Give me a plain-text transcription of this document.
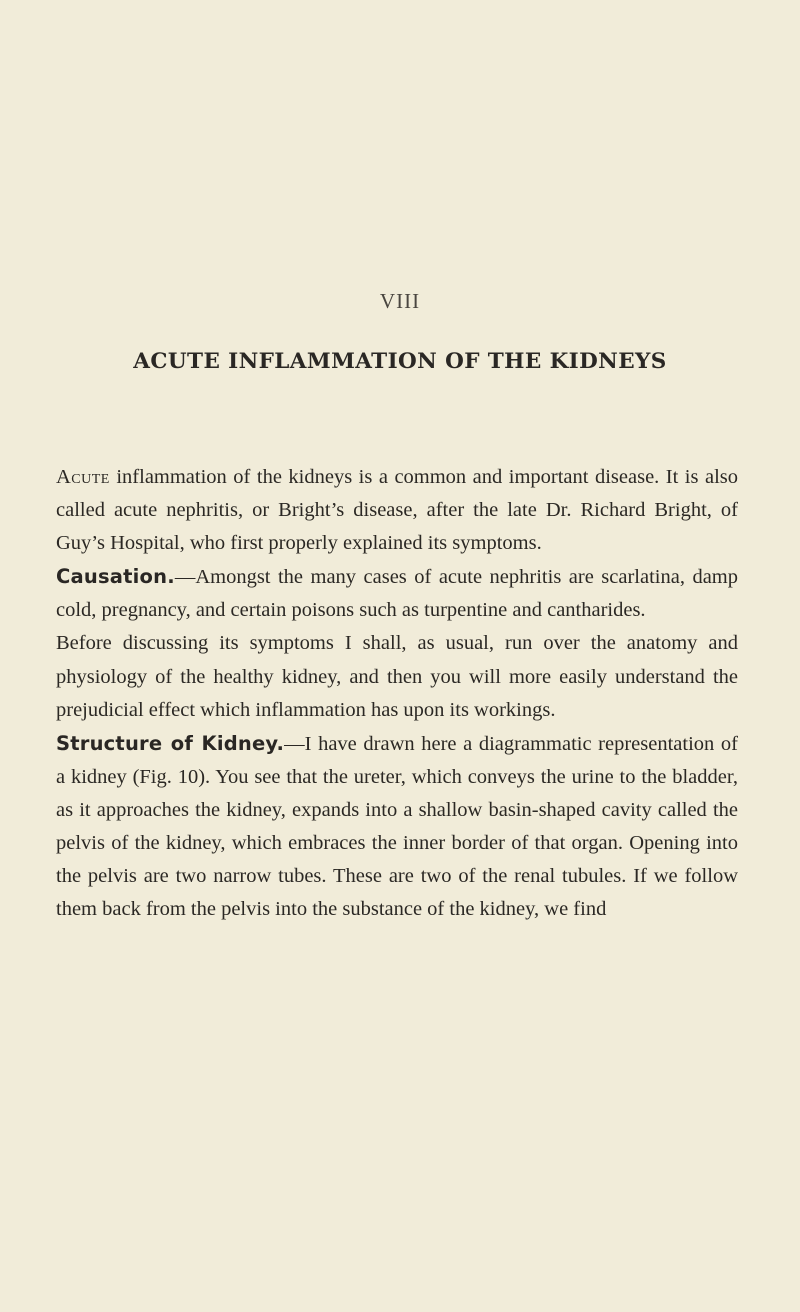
VIII
ACUTE INFLAMMATION OF THE KIDNEYS

Acute inflammation of the kidneys is a common and important disease. It is also called acute nephritis, or Bright’s disease, after the late Dr. Richard Bright, of Guy’s Hospital, who first properly explained its symptoms.

Causation.—Amongst the many cases of acute nephritis are scarlatina, damp cold, pregnancy, and certain poisons such as turpentine and cantharides.

Before discussing its symptoms I shall, as usual, run over the anatomy and physiology of the healthy kidney, and then you will more easily understand the prejudicial effect which inflammation has upon its workings.

Structure of Kidney.—I have drawn here a diagrammatic representation of a kidney (Fig. 10). You see that the ureter, which conveys the urine to the bladder, as it approaches the kidney, expands into a shallow basin-shaped cavity called the pelvis of the kidney, which embraces the inner border of that organ. Opening into the pelvis are two narrow tubes. These are two of the renal tubules. If we follow them back from the pelvis into the substance of the kidney, we find
